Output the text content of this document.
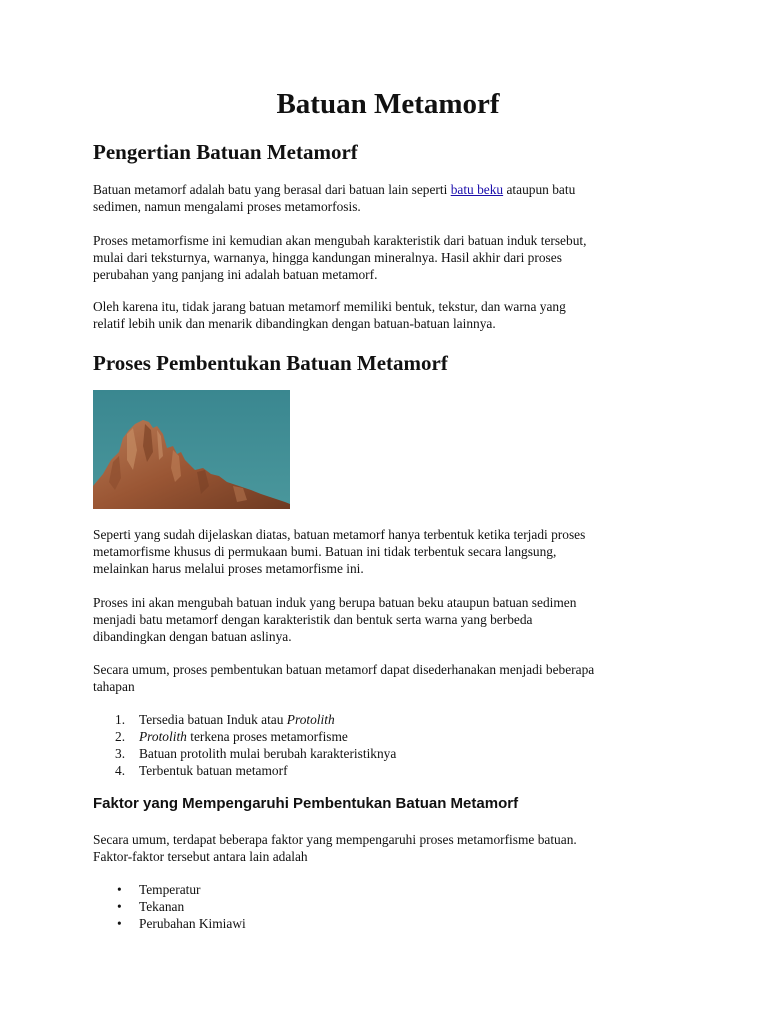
Batuan Metamorf
Pengertian Batuan Metamorf

Batuan metamorf adalah batu yang berasal dari batuan lain seperti batu beku ataupun batu
sedimen, namun mengalami proses metamorfosis.

Proses metamorfisme ini kemudian akan mengubah karakteristik dari batuan induk tersebut,
mulai dari teksturnya, warnanya, hingga kandungan mineralnya. Hasil akhir dari proses
perubahan yang panjang ini adalah batuan metamorf.

Oleh karena itu, tidak jarang batuan metamorf memiliki bentuk, tekstur, dan warna yang
relatif lebih unik dan menarik dibandingkan dengan batuan-batuan lainnya.

Proses Pembentukan Batuan Metamorf

Seperti yang sudah dijelaskan diatas, batuan metamorf hanya terbentuk ketika terjadi proses
metamorfisme khusus di permukaan bumi. Batuan ini tidak terbentuk secara langsung,
melainkan harus melalui proses metamorfisme ini.

Proses ini akan mengubah batuan induk yang berupa batuan beku ataupun batuan sedimen
menjadi batu metamorf dengan karakteristik dan bentuk serta warna yang berbeda
dibandingkan dengan batuan aslinya.

Secara umum, proses pembentukan batuan metamorf dapat disederhanakan menjadi beberapa
tahapan

1.	Tersedia batuan Induk atau Protolith
2.	Protolith terkena proses metamorfisme
3.	Batuan protolith mulai berubah karakteristiknya
4.	Terbentuk batuan metamorf
Faktor yang Mempengaruhi Pembentukan Batuan Metamorf

Secara umum, terdapat beberapa faktor yang mempengaruhi proses metamorfisme batuan.
Faktor-faktor tersebut antara lain adalah

• Temperatur
• Tekanan
• Perubahan Kimiawi
